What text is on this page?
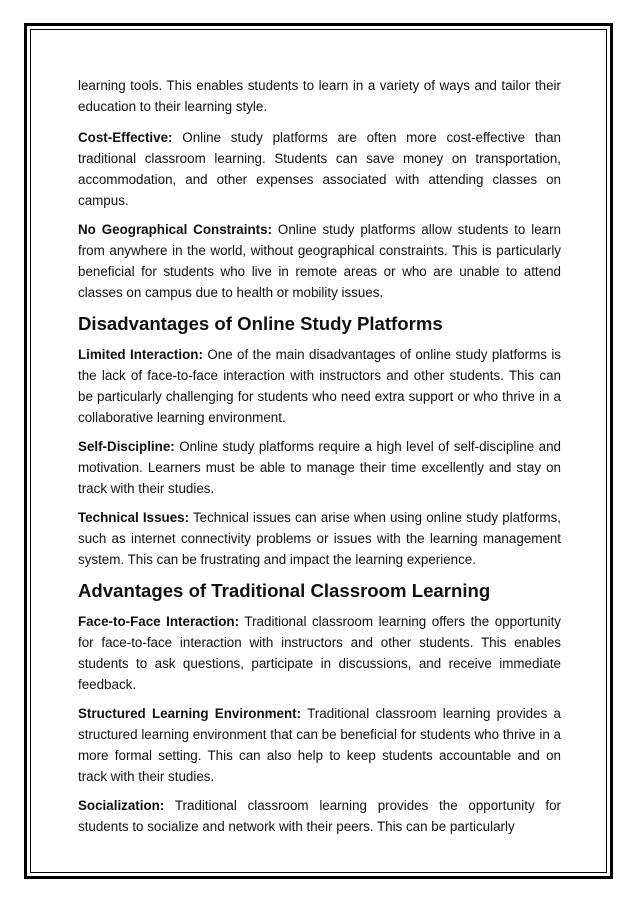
learning tools. This enables students to learn in a variety of ways and tailor their education to their learning style.

Cost-Effective: Online study platforms are often more cost-effective than traditional classroom learning. Students can save money on transportation, accommodation, and other expenses associated with attending classes on campus.

No Geographical Constraints: Online study platforms allow students to learn from anywhere in the world, without geographical constraints. This is particularly beneficial for students who live in remote areas or who are unable to attend classes on campus due to health or mobility issues.

Disadvantages of Online Study Platforms

Limited Interaction: One of the main disadvantages of online study platforms is the lack of face-to-face interaction with instructors and other students. This can be particularly challenging for students who need extra support or who thrive in a collaborative learning environment.

Self-Discipline: Online study platforms require a high level of self-discipline and motivation. Learners must be able to manage their time excellently and stay on track with their studies.

Technical Issues: Technical issues can arise when using online study platforms, such as internet connectivity problems or issues with the learning management system. This can be frustrating and impact the learning experience.

Advantages of Traditional Classroom Learning

Face-to-Face Interaction: Traditional classroom learning offers the opportunity for face-to-face interaction with instructors and other students. This enables students to ask questions, participate in discussions, and receive immediate feedback.

Structured Learning Environment: Traditional classroom learning provides a structured learning environment that can be beneficial for students who thrive in a more formal setting. This can also help to keep students accountable and on track with their studies.

Socialization: Traditional classroom learning provides the opportunity for students to socialize and network with their peers. This can be particularly
